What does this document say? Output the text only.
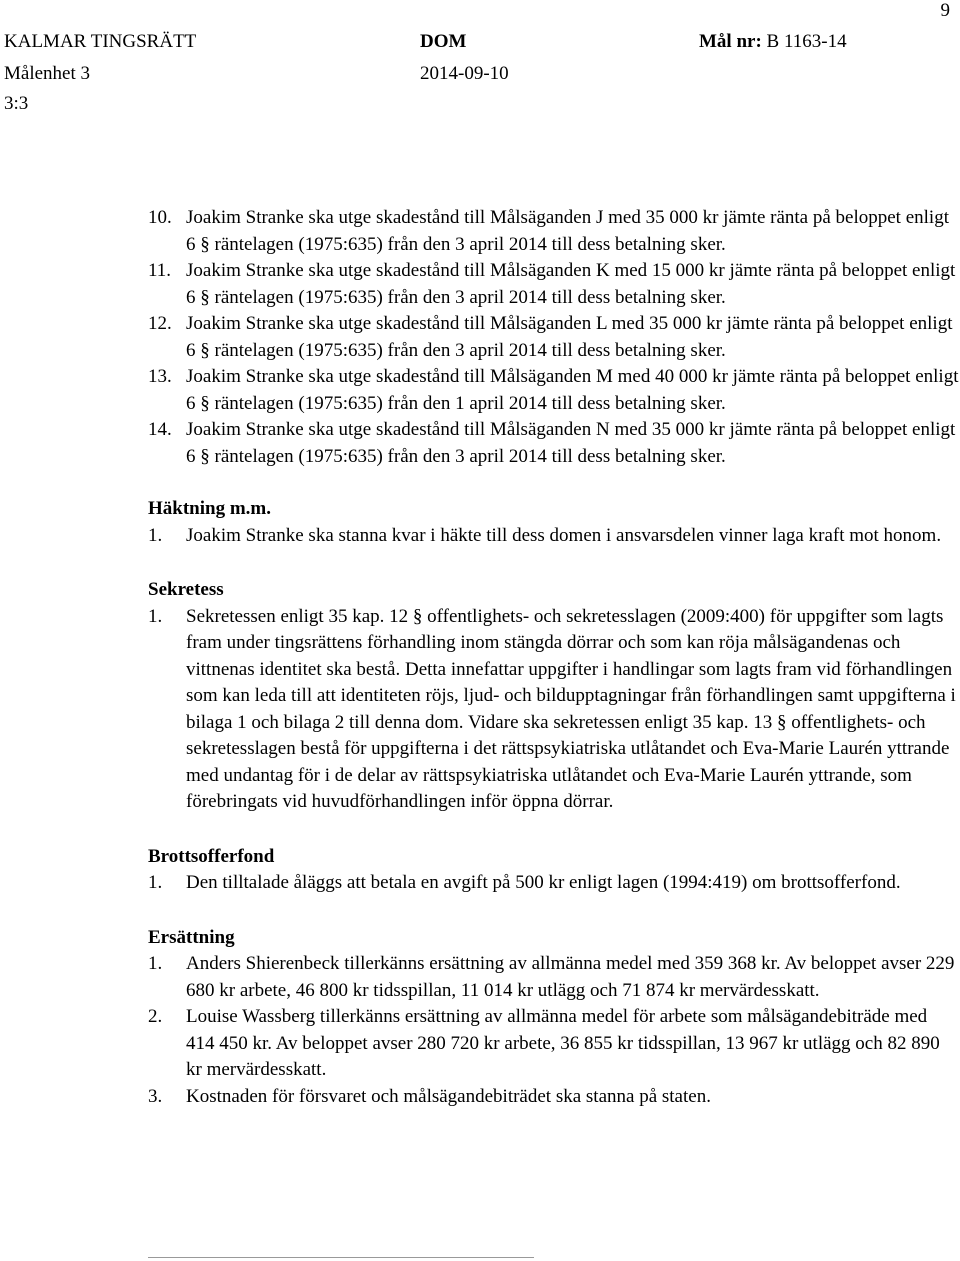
9
KALMAR TINGSRÄTT
Målenhet 3
3:3
DOM
2014-09-10
Mål nr: B 1163-14
10. Joakim Stranke ska utge skadestånd till Målsäganden J med 35 000 kr jämte ränta på beloppet enligt 6 § räntelagen (1975:635) från den 3 april 2014 till dess betalning sker.
11. Joakim Stranke ska utge skadestånd till Målsäganden K med 15 000 kr jämte ränta på beloppet enligt 6 § räntelagen (1975:635) från den 3 april 2014 till dess betalning sker.
12. Joakim Stranke ska utge skadestånd till Målsäganden L med 35 000 kr jämte ränta på beloppet enligt 6 § räntelagen (1975:635) från den 3 april 2014 till dess betalning sker.
13. Joakim Stranke ska utge skadestånd till Målsäganden M med 40 000 kr jämte ränta på beloppet enligt 6 § räntelagen (1975:635) från den 1 april 2014 till dess betalning sker.
14. Joakim Stranke ska utge skadestånd till Målsäganden N med 35 000 kr jämte ränta på beloppet enligt 6 § räntelagen (1975:635) från den 3 april 2014 till dess betalning sker.

Häktning m.m.

1. Joakim Stranke ska stanna kvar i häkte till dess domen i ansvarsdelen vinner laga kraft mot honom.

Sekretess

1. Sekretessen enligt 35 kap. 12 § offentlighets- och sekretesslagen (2009:400) för uppgifter som lagts fram under tingsrättens förhandling inom stängda dörrar och som kan röja målsägandenas och vittnenas identitet ska bestå. Detta innefattar uppgifter i handlingar som lagts fram vid förhandlingen som kan leda till att identiteten röjs, ljud- och bildupptagningar från förhandlingen samt uppgifterna i bilaga 1 och bilaga 2 till denna dom. Vidare ska sekretessen enligt 35 kap. 13 § offentlighets- och sekretesslagen bestå för uppgifterna i det rättspsykiatriska utlåtandet och Eva-Marie Laurén yttrande med undantag för i de delar av rättspsykiatriska utlåtandet och Eva-Marie Laurén yttrande, som förebringats vid huvudförhandlingen inför öppna dörrar.

Brottsofferfond

1. Den tilltalade åläggs att betala en avgift på 500 kr enligt lagen (1994:419) om brottsofferfond.

Ersättning

1. Anders Shierenbeck tillerkänns ersättning av allmänna medel med 359 368 kr. Av beloppet avser 229 680 kr arbete, 46 800 kr tidsspillan, 11 014 kr utlägg och 71 874 kr mervärdesskatt.
2. Louise Wassberg tillerkänns ersättning av allmänna medel för arbete som målsägandebiträde med 414 450 kr. Av beloppet avser 280 720 kr arbete, 36 855 kr tidsspillan, 13 967 kr utlägg och 82 890 kr mervärdesskatt.
3. Kostnaden för försvaret och målsägandebiträdet ska stanna på staten.
